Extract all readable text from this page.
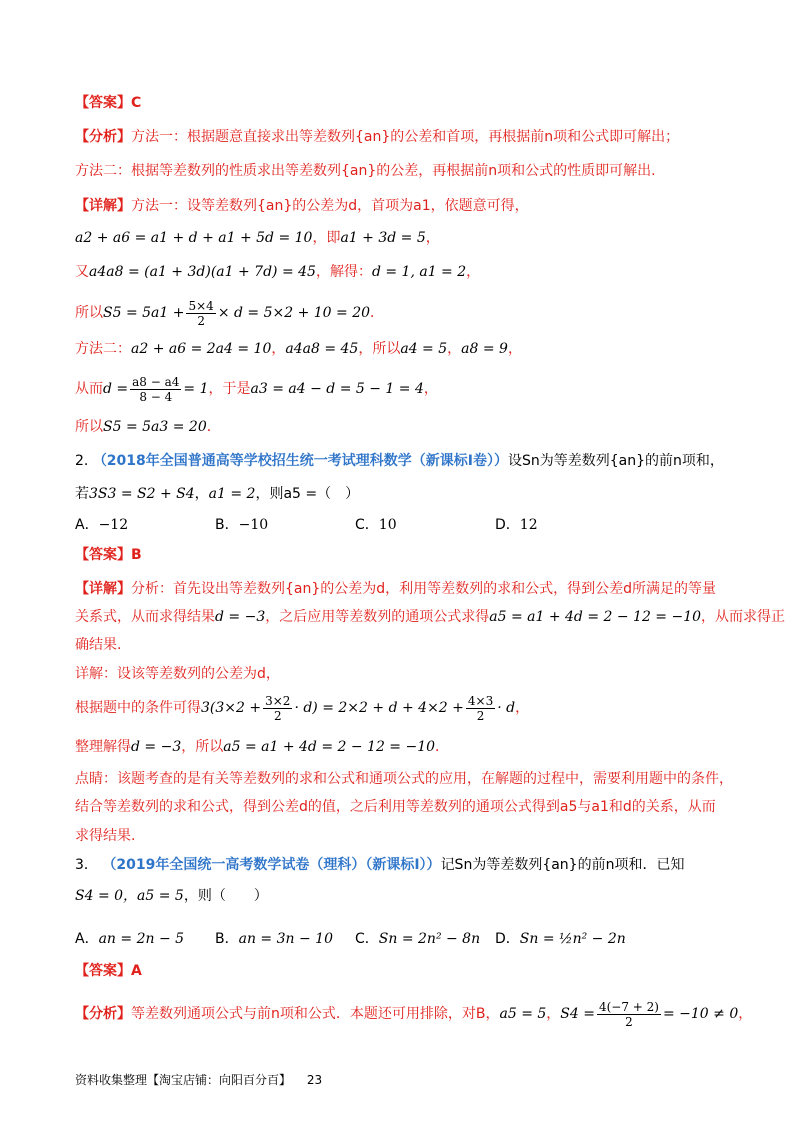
【答案】C
【分析】方法一：根据题意直接求出等差数列{an}的公差和首项，再根据前n项和公式即可解出；
方法二：根据等差数列的性质求出等差数列{an}的公差，再根据前n项和公式的性质即可解出.
【详解】方法一：设等差数列{an}的公差为d，首项为a1，依题意可得，
a2 + a6 = a1 + d + a1 + 5d = 10，即a1 + 3d = 5，
又a4a8 = (a1 + 3d)(a1 + 7d) = 45，解得：d = 1, a1 = 2，
所以$S5 = 5a1 + \frac{5\times 4}{2} \times d = 5\times 2 + 10 = 20$．
方法二：a2 + a6 = 2a4 = 10，a4a8 = 45，所以a4 = 5，a8 = 9，
从而$d = \frac{a8 - a4}{8 - 4} = 1$，于是a3 = a4 − d = 5 − 1 = 4，
所以S5 = 5a3 = 20．
2. （2018年全国普通高等学校招生统一考试理科数学（新课标I卷））设Sn为等差数列{an}的前n项和，
若3S3 = S2 + S4，a1 = 2，则a5 =（　）
A．−12	B．−10	C．10	D．12
【答案】B
【详解】分析：首先设出等差数列{an}的公差为d，利用等差数列的求和公式，得到公差d所满足的等量
关系式，从而求得结果d = −3，之后应用等差数列的通项公式求得a5 = a1 + 4d = 2 − 12 = −10，从而求得正
确结果.
详解：设该等差数列的公差为d，
根据题中的条件可得$3(3\times 2 + \frac{3\times 2}{2} \cdot d) = 2\times 2 + d + 4\times 2 + \frac{4\times 3}{2} \cdot d$，
整理解得d = −3，所以a5 = a1 + 4d = 2 − 12 = −10．
点睛：该题考查的是有关等差数列的求和公式和通项公式的应用，在解题的过程中，需要利用题中的条件，
结合等差数列的求和公式，得到公差d的值，之后利用等差数列的通项公式得到a5与a1和d的关系，从而
求得结果.
3． （2019年全国统一高考数学试卷（理科）（新课标Ⅰ））记Sn为等差数列{an}的前n项和．已知
S4 = 0，a5 = 5，则（　　）
A．an = 2n − 5 B．an = 3n − 10 C．Sn = 2n² − 8n D．Sn = ½n² − 2n
【答案】A
【分析】等差数列通项公式与前n项和公式．本题还可用排除，对B，a5 = 5，$S4 = \frac{4(-7 + 2)}{2} = -10 \ne 0$，
资料收集整理【淘宝店铺：向阳百分百】 23
